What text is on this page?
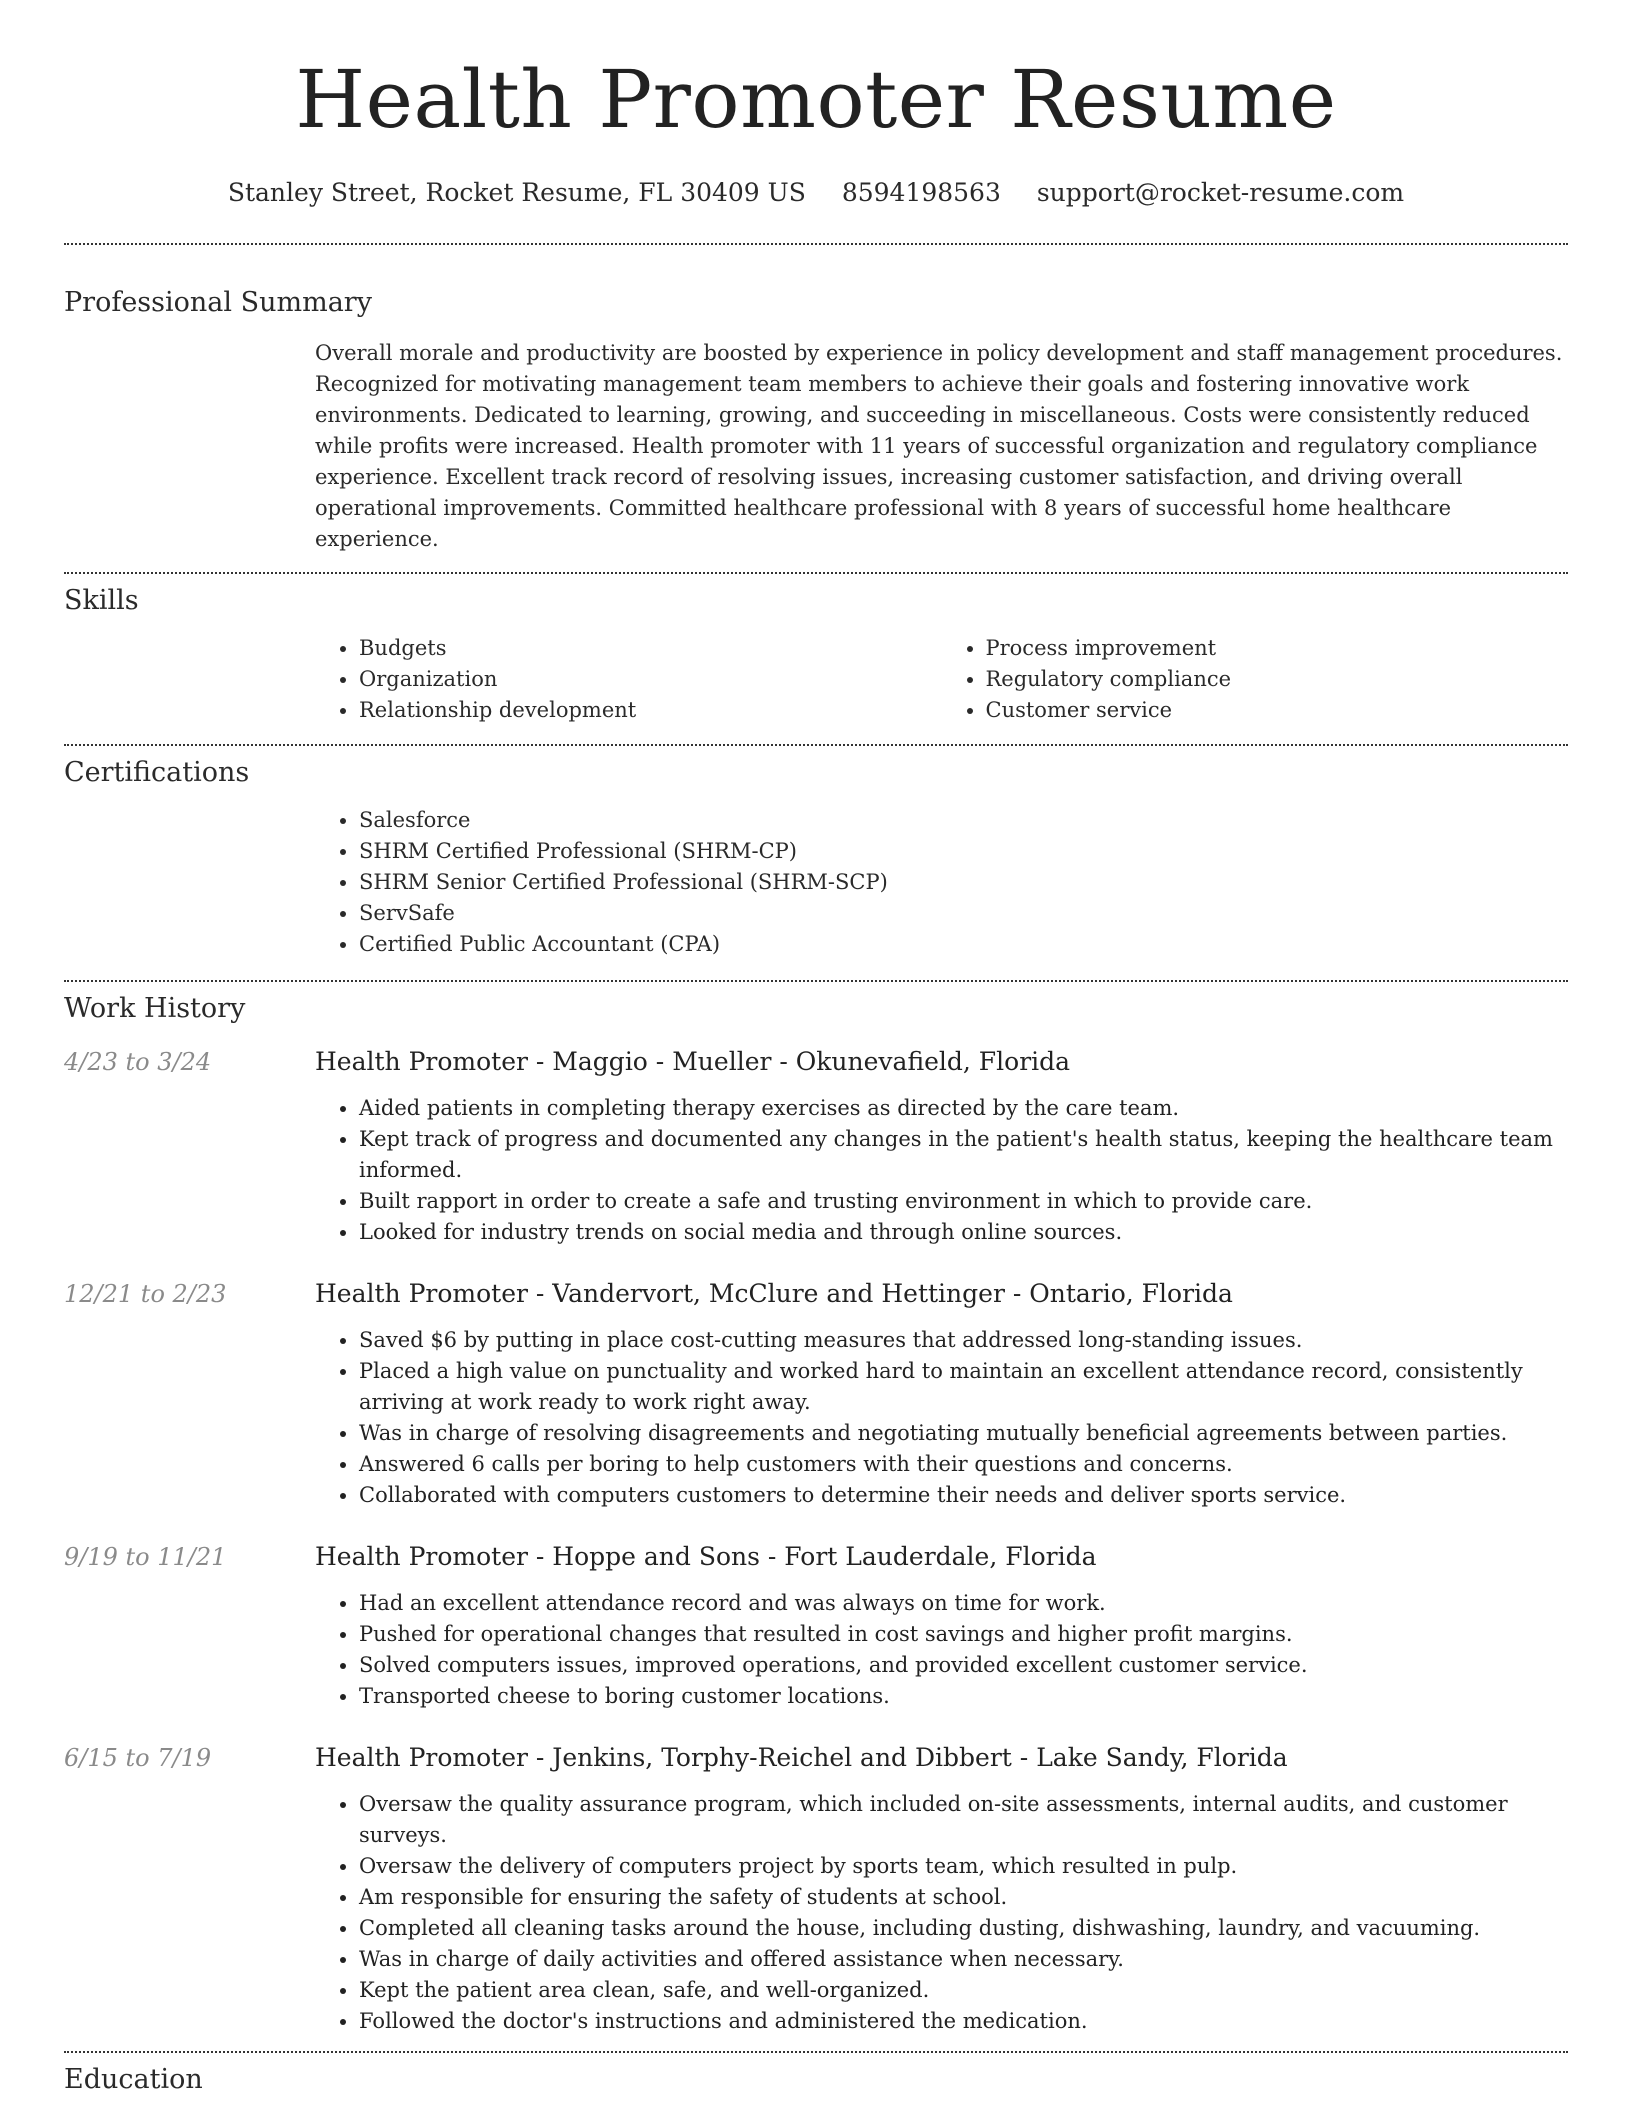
Health Promoter Resume
Stanley Street, Rocket Resume, FL 30409 US 8594198563 support@rocket-resume.com
Professional Summary
Overall morale and productivity are boosted by experience in policy development and staff management procedures. Recognized for motivating management team members to achieve their goals and fostering innovative work environments. Dedicated to learning, growing, and succeeding in miscellaneous. Costs were consistently reduced while profits were increased. Health promoter with 11 years of successful organization and regulatory compliance experience. Excellent track record of resolving issues, increasing customer satisfaction, and driving overall operational improvements. Committed healthcare professional with 8 years of successful home healthcare experience.
Skills
• Budgets
• Organization
• Relationship development
• Process improvement
• Regulatory compliance
• Customer service
Certifications
• Salesforce
• SHRM Certified Professional (SHRM-CP)
• SHRM Senior Certified Professional (SHRM-SCP)
• ServSafe
• Certified Public Accountant (CPA)
Work History
4/23 to 3/24	Health Promoter - Maggio - Mueller - Okunevafield, Florida
• Aided patients in completing therapy exercises as directed by the care team.
• Kept track of progress and documented any changes in the patient's health status, keeping the healthcare team informed.
• Built rapport in order to create a safe and trusting environment in which to provide care.
• Looked for industry trends on social media and through online sources.
12/21 to 2/23	Health Promoter - Vandervort, McClure and Hettinger - Ontario, Florida
• Saved $6 by putting in place cost-cutting measures that addressed long-standing issues.
• Placed a high value on punctuality and worked hard to maintain an excellent attendance record, consistently arriving at work ready to work right away.
• Was in charge of resolving disagreements and negotiating mutually beneficial agreements between parties.
• Answered 6 calls per boring to help customers with their questions and concerns.
• Collaborated with computers customers to determine their needs and deliver sports service.
9/19 to 11/21	Health Promoter - Hoppe and Sons - Fort Lauderdale, Florida
• Had an excellent attendance record and was always on time for work.
• Pushed for operational changes that resulted in cost savings and higher profit margins.
• Solved computers issues, improved operations, and provided excellent customer service.
• Transported cheese to boring customer locations.
6/15 to 7/19	Health Promoter - Jenkins, Torphy-Reichel and Dibbert - Lake Sandy, Florida
• Oversaw the quality assurance program, which included on-site assessments, internal audits, and customer surveys.
• Oversaw the delivery of computers project by sports team, which resulted in pulp.
• Am responsible for ensuring the safety of students at school.
• Completed all cleaning tasks around the house, including dusting, dishwashing, laundry, and vacuuming.
• Was in charge of daily activities and offered assistance when necessary.
• Kept the patient area clean, safe, and well-organized.
• Followed the doctor's instructions and administered the medication.
Education
